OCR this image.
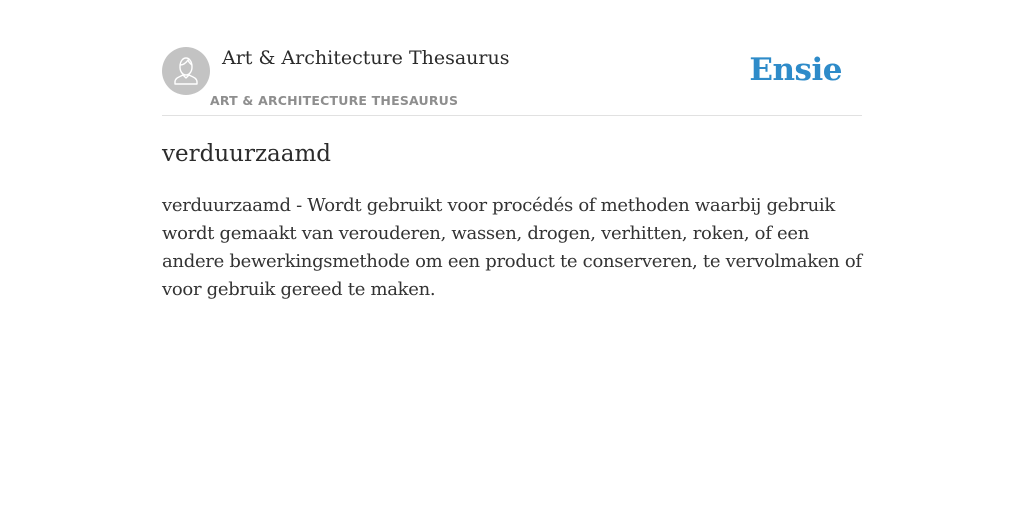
Art & Architecture Thesaurus
ART & ARCHITECTURE THESAURUS
Ensie
verduurzaamd
verduurzaamd - Wordt gebruikt voor procédés of methoden waarbij gebruik wordt gemaakt van verouderen, wassen, drogen, verhitten, roken, of een andere bewerkingsmethode om een product te conserveren, te vervolmaken of voor gebruik gereed te maken.
